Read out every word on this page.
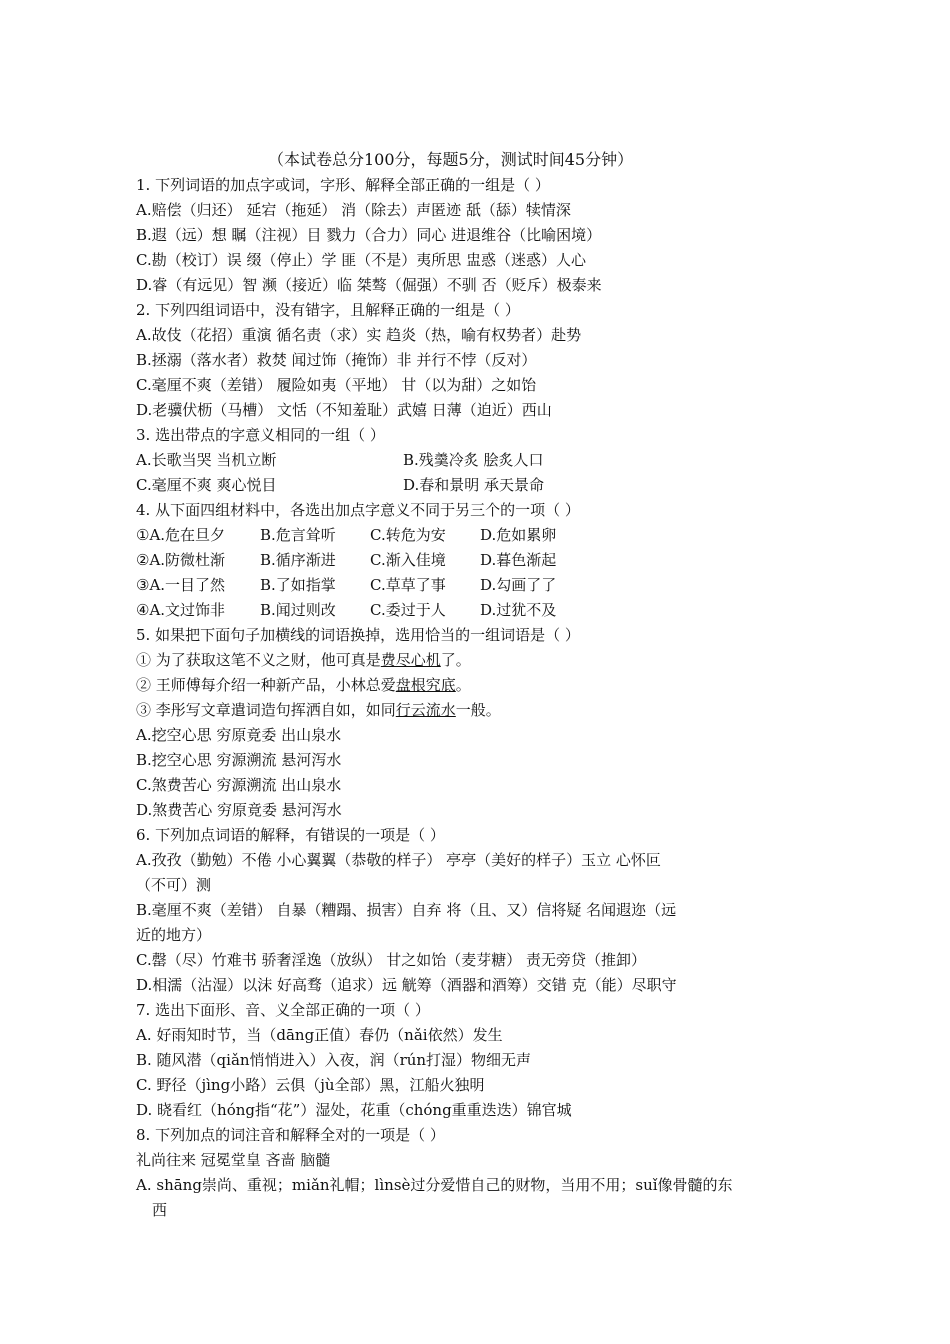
（本试卷总分100分，每题5分，测试时间45分钟）
1. 下列词语的加点字或词，字形、解释全部正确的一组是（ ）
A.赔偿（归还） 延宕（拖延） 消（除去）声匿迹 舐（舔）犊情深
B.遐（远）想 瞩（注视）目 戮力（合力）同心 进退维谷（比喻困境）
C.勘（校订）误 缀（停止）学 匪（不是）夷所思 盅惑（迷惑）人心
D.睿（有远见）智 濒（接近）临 桀骜（倔强）不驯 否（贬斥）极泰来
2. 下列四组词语中，没有错字，且解释正确的一组是（ ）
A.故伎（花招）重演 循名责（求）实 趋炎（热，喻有权势者）赴势
B.拯溺（落水者）救焚 闻过饰（掩饰）非 并行不悖（反对）
C.毫厘不爽（差错） 履险如夷（平地） 甘（以为甜）之如饴
D.老骥伏枥（马槽） 文恬（不知羞耻）武嬉 日薄（迫近）西山
3. 选出带点的字意义相同的一组（ ）
A.长歌当哭 当机立断	B.残羹冷炙 脍炙人口
C.毫厘不爽 爽心悦目	D.春和景明 承天景命
4. 从下面四组材料中，各选出加点字意义不同于另三个的一项（ ）
①A.危在旦夕 B.危言耸听 C.转危为安 D.危如累卵
②A.防微杜渐 B.循序渐进 C.渐入佳境 D.暮色渐起
③A.一目了然 B.了如指掌 C.草草了事 D.勾画了了
④A.文过饰非 B.闻过则改 C.委过于人 D.过犹不及
5. 如果把下面句子加横线的词语换掉，选用恰当的一组词语是（ ）
① 为了获取这笔不义之财，他可真是费尽心机了。
② 王师傅每介绍一种新产品，小林总爱盘根究底。
③ 李彤写文章遣词造句挥洒自如，如同行云流水一般。
A.挖空心思 穷原竟委 出山泉水
B.挖空心思 穷源溯流 悬河泻水
C.煞费苦心 穷源溯流 出山泉水
D.煞费苦心 穷原竟委 悬河泻水
6. 下列加点词语的解释，有错误的一项是（ ）
A.孜孜（勤勉）不倦 小心翼翼（恭敬的样子） 亭亭（美好的样子）玉立 心怀叵
（不可）测
B.毫厘不爽（差错） 自暴（糟蹋、损害）自弃 将（且、又）信将疑 名闻遐迩（远
近的地方）
C.罄（尽）竹难书 骄奢淫逸（放纵） 甘之如饴（麦芽糖） 责无旁贷（推卸）
D.相濡（沾湿）以沫 好高骛（追求）远 觥筹（酒器和酒筹）交错 克（能）尽职守
7. 选出下面形、音、义全部正确的一项（ ）
A. 好雨知时节，当（dāng正值）春仍（nǎi依然）发生
B. 随风潜（qiǎn悄悄进入）入夜，润（rún打湿）物细无声
C. 野径（jìng小路）云俱（jù全部）黑，江船火独明
D. 晓看红（hóng指“花”）湿处，花重（chóng重重迭迭）锦官城
8. 下列加点的词注音和解释全对的一项是（ ）
礼尚往来 冠冕堂皇 吝啬 脑髓
A. shāng崇尚、重视；miǎn礼帽；lìnsè过分爱惜自己的财物，当用不用；suǐ像骨髓的东
西
